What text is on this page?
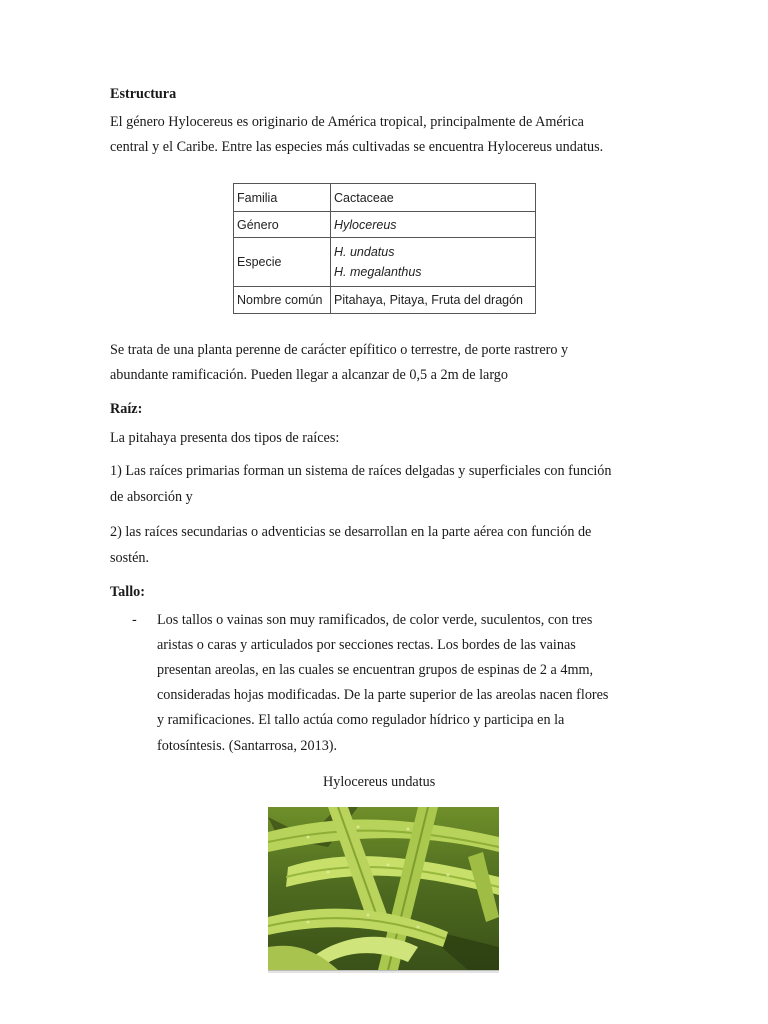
Estructura
El género Hylocereus es originario de América tropical, principalmente de América
central y el Caribe. Entre las especies más cultivadas se encuentra Hylocereus undatus.
Familia	Cactaceae
Género	Hylocereus
Especie	H. undatus
H. megalanthus

Nombre común	Pitahaya, Pitaya, Fruta del dragón
Se trata de una planta perenne de carácter epífitico o terrestre, de porte rastrero y
abundante ramificación. Pueden llegar a alcanzar de 0,5 a 2m de largo
Raíz:
La pitahaya presenta dos tipos de raíces:
1) Las raíces primarias forman un sistema de raíces delgadas y superficiales con función
de absorción y
2) las raíces secundarias o adventicias se desarrollan en la parte aérea con función de
sostén.
Tallo:
- Los tallos o vainas son muy ramificados, de color verde, suculentos, con tres
aristas o caras y articulados por secciones rectas. Los bordes de las vainas
presentan areolas, en las cuales se encuentran grupos de espinas de 2 a 4mm,
consideradas hojas modificadas. De la parte superior de las areolas nacen flores
y ramificaciones. El tallo actúa como regulador hídrico y participa en la
fotosíntesis. (Santarrosa, 2013).
Hylocereus undatus
